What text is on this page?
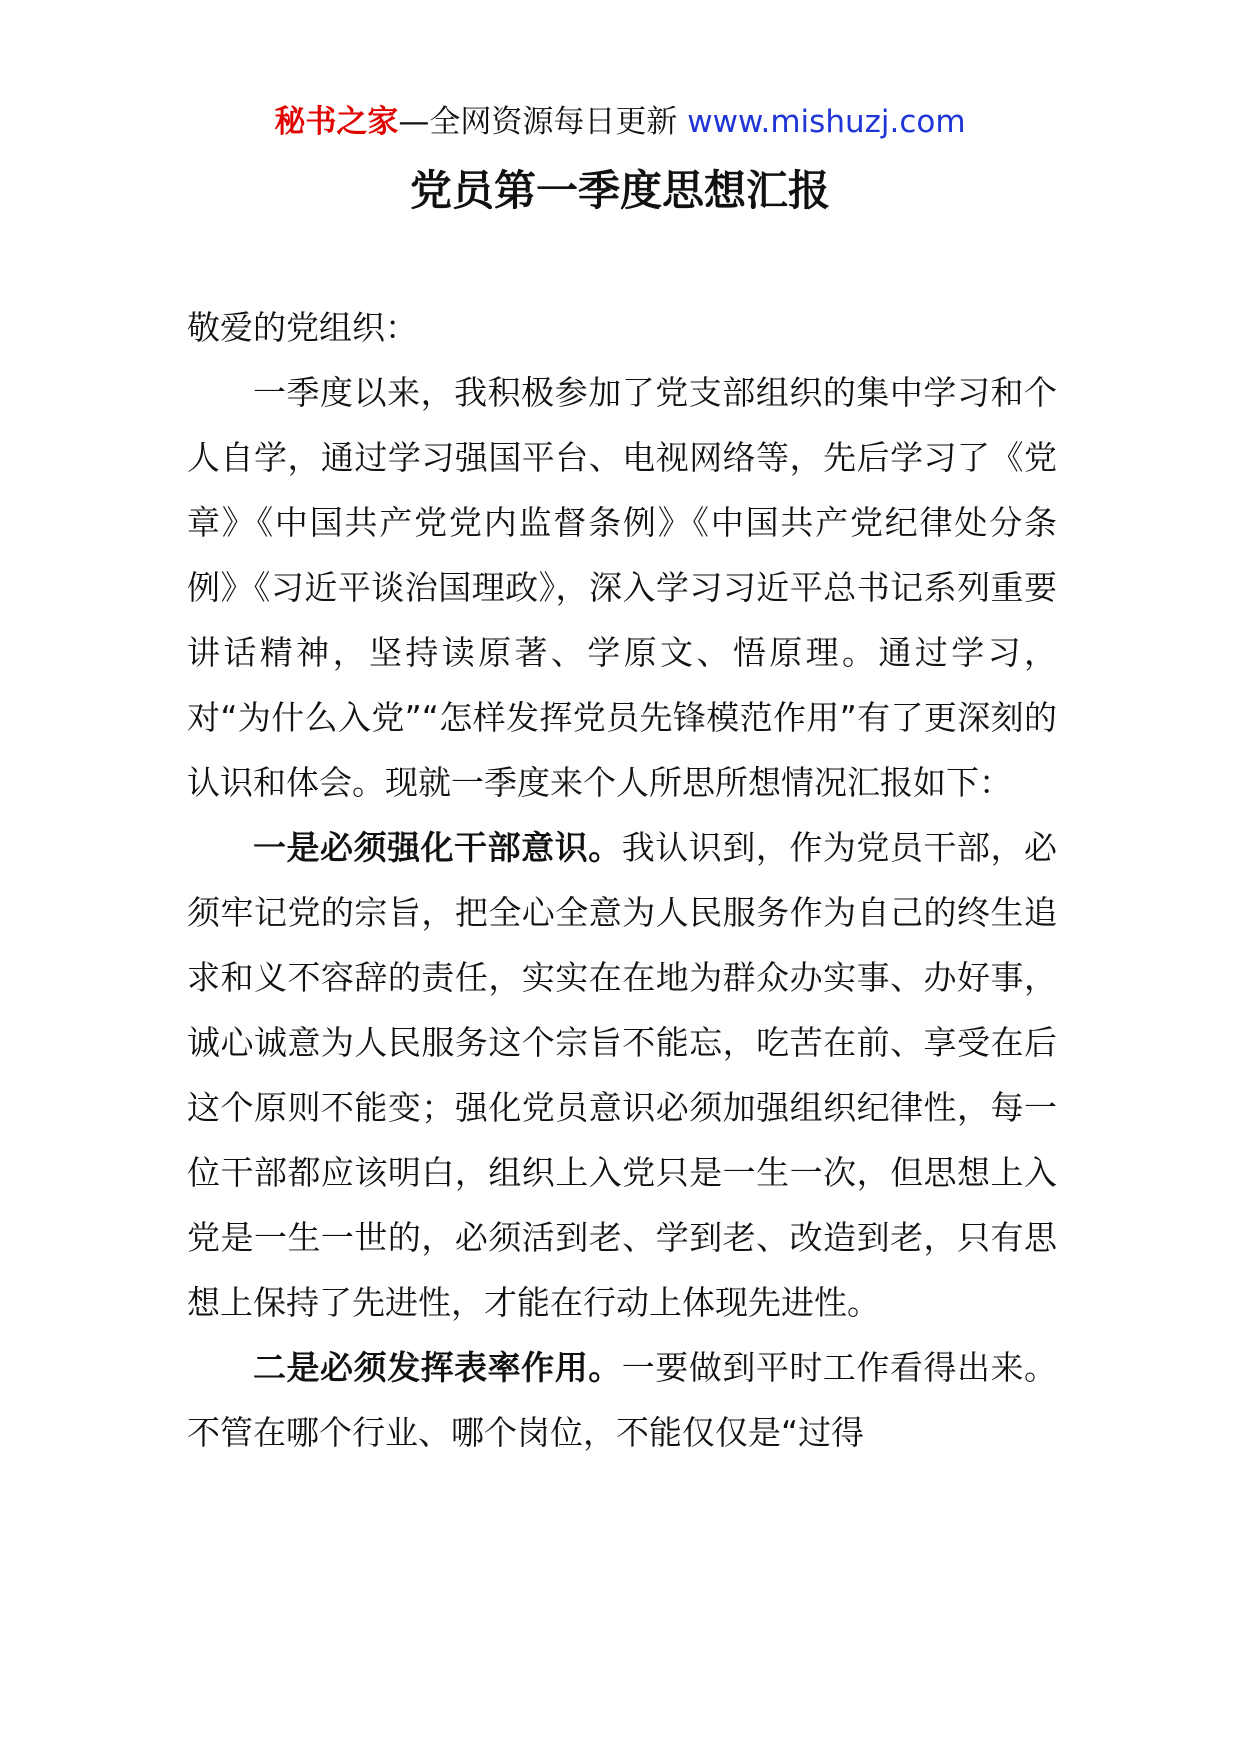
秘书之家—全网资源每日更新 www.mishuzj.com
党员第一季度思想汇报

敬爱的党组织：

一季度以来，我积极参加了党支部组织的集中学习和个人自学，通过学习强国平台、电视网络等，先后学习了《党章》《中国共产党党内监督条例》《中国共产党纪律处分条例》《习近平谈治国理政》，深入学习习近平总书记系列重要讲话精神，坚持读原著、学原文、悟原理。通过学习，对“为什么入党”“怎样发挥党员先锋模范作用”有了更深刻的认识和体会。现就一季度来个人所思所想情况汇报如下：

一是必须强化干部意识。我认识到，作为党员干部，必须牢记党的宗旨，把全心全意为人民服务作为自己的终生追求和义不容辞的责任，实实在在地为群众办实事、办好事，诚心诚意为人民服务这个宗旨不能忘，吃苦在前、享受在后这个原则不能变；强化党员意识必须加强组织纪律性，每一位干部都应该明白，组织上入党只是一生一次，但思想上入党是一生一世的，必须活到老、学到老、改造到老，只有思想上保持了先进性，才能在行动上体现先进性。

二是必须发挥表率作用。一要做到平时工作看得出来。不管在哪个行业、哪个岗位，不能仅仅是“过得
